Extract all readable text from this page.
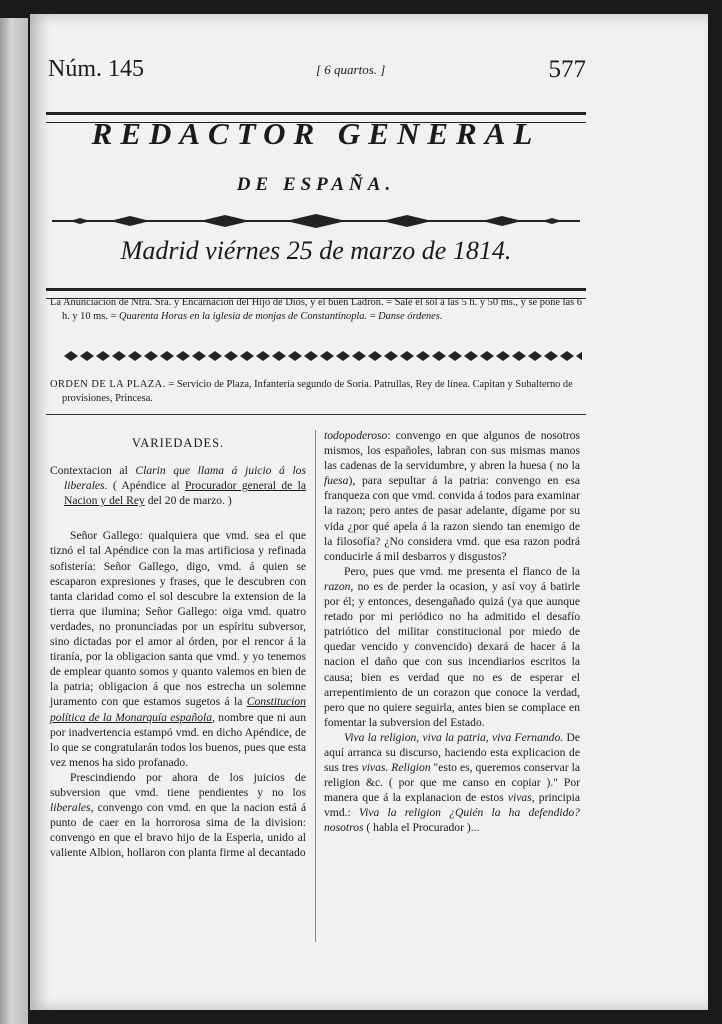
Núm. 145	[ 6 quartos. ]	577
REDACTOR GENERAL
DE ESPAÑA.
Madrid viérnes 25 de marzo de 1814.
La Anunciacion de Ntra. Sra. y Encarnacion del Hijo de Dios, y el buen Ladron. = Sale el sol á las 5 h. y 50 ms., y se pone las 6 h. y 10 ms. = Quarenta Horas en la iglesia de monjas de Constantinopla. = Danse órdenes.
ORDEN DE LA PLAZA. = Servicio de Plaza, Infantería segundo de Soria. Patrullas, Rey de línea. Capitan y Subalterno de provisiones, Princesa.
VARIEDADES.

Contextacion al Clarin que llama á juicio á los liberales. ( Apéndice al Procurador general de la Nacion y del Rey del 20 de marzo. )

Señor Gallego: qualquiera que vmd. sea el que tiznó el tal Apéndice con la mas artificiosa y refinada sofistería: Señor Gallego, digo, vmd. á quien se escaparon expresiones y frases, que le descubren con tanta claridad como el sol descubre la extension de la tierra que ilumina; Señor Gallego: oiga vmd. quatro verdades, no pronunciadas por un espíritu subversor, sino dictadas por el amor al órden, por el rencor á la tiranía, por la obligacion santa que vmd. y yo tenemos de emplear quanto somos y quanto valemos en bien de la patria; obligacion á que nos estrecha un solemne juramento con que estamos sugetos á la Constitucion política de la Monarquía española, nombre que ni aun por inadvertencia estampó vmd. en dicho Apéndice, de lo que se congratularán todos los buenos, pues que esta vez menos ha sido profanado.

Prescindiendo por ahora de los juicios de subversion que vmd. tiene pendientes y no los liberales, convengo con vmd. en que la nacion está á punto de caer en la horrorosa sima de la division: convengo en que el bravo hijo de la Esperia, unido al valiente Albion, hollaron con planta firme al decantado

todopoderoso: convengo en que algunos de nosotros mismos, los españoles, labran con sus mismas manos las cadenas de la servidumbre, y abren la huesa ( no la fuesa), para sepultar á la patria: convengo en esa franqueza con que vmd. convida á todos para examinar la razon; pero antes de pasar adelante, dígame por su vida ¿por qué apela á la razon siendo tan enemigo de la filosofía? ¿No considera vmd. que esa razon podrá conducirle á mil desbarros y disgustos?

Pero, pues que vmd. me presenta el flanco de la razon, no es de perder la ocasion, y así voy á batirle por él; y entonces, desengañado quizá (ya que aunque retado por mi periódico no ha admitido el desafío patriótico del militar constitucional por miedo de quedar vencido y convencido) dexará de hacer á la nacion el daño que con sus incendiarios escritos la causa; bien es verdad que no es de esperar el arrepentimiento de un corazon que conoce la verdad, pero que no quiere seguirla, antes bien se complace en fomentar la subversion del Estado.

Viva la religion, viva la patria, viva Fernando. De aquí arranca su discurso, haciendo esta explicacion de sus tres vivas. Religion "esto es, queremos conservar la religion &c. ( por que me canso en copiar )." Por manera que á la explanacion de estos vivas, principia vmd.: Viva la religion ¿Quién la ha defendido? nosotros ( habla el Procurador )...
